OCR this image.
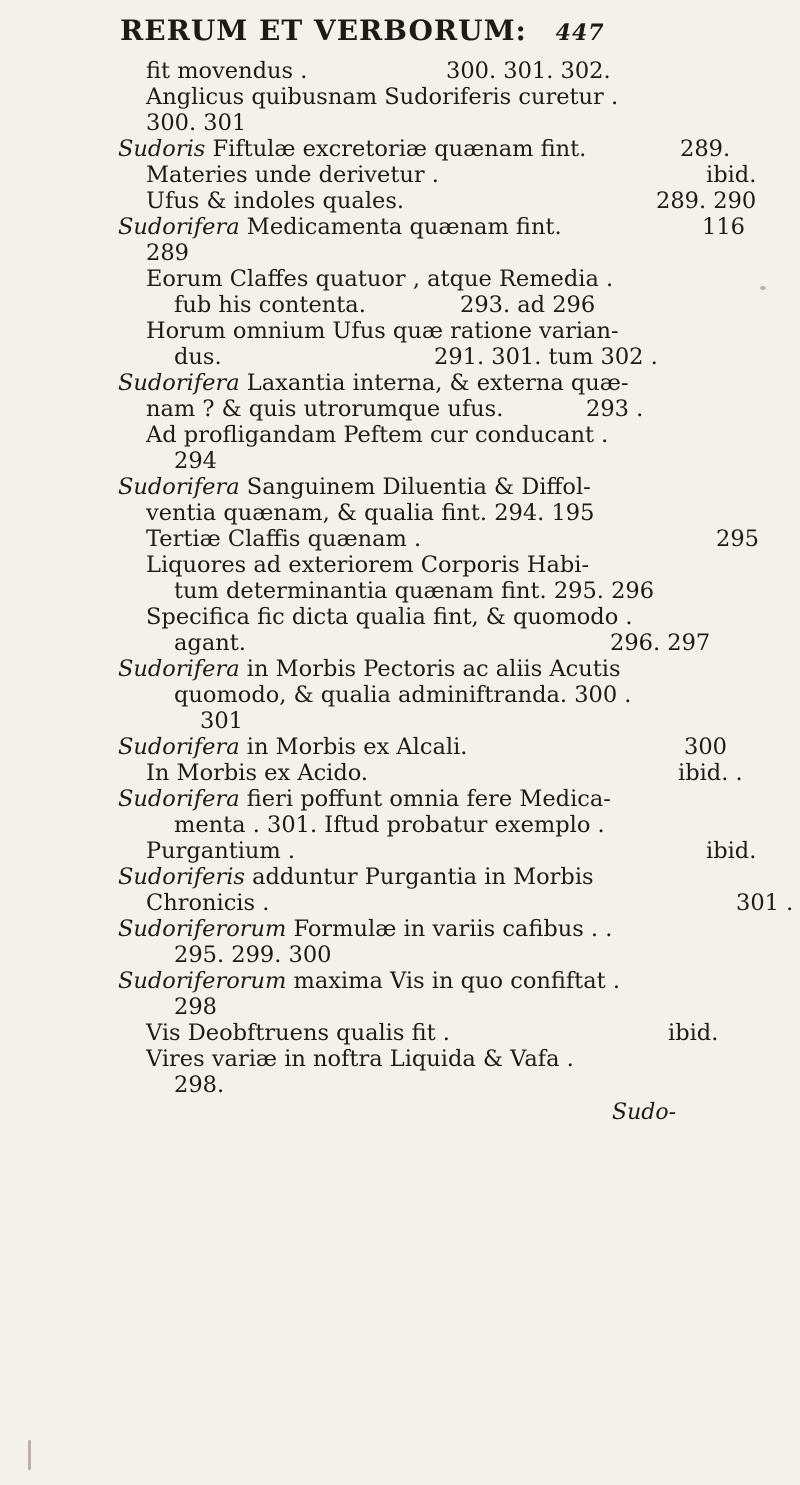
RERUM ET VERBORUM: 447
fit movendus .	300. 301. 302.
Anglicus quibusnam Sudoriferis curetur .
300. 301
Sudoris Fiftulæ excretoriæ quænam fint.	289.
Materies unde derivetur .	ibid.
Ufus & indoles quales.	289. 290
Sudorifera Medicamenta quænam fint.	116
289
Eorum Claffes quatuor , atque Remedia .
fub his contenta.	293. ad 296
Horum omnium Ufus quæ ratione varian-
dus.	291. 301. tum 302 .
Sudorifera Laxantia interna, & externa quæ-
nam ? & quis utrorumque ufus.	293 .
Ad profligandam Peftem cur conducant .
294
Sudorifera Sanguinem Diluentia & Diffol-
ventia quænam, & qualia fint. 294. 195
Tertiæ Claffis quænam .	295
Liquores ad exteriorem Corporis Habi-
tum determinantia quænam fint. 295. 296
Specifica fic dicta qualia fint, & quomodo .
agant.	296. 297
Sudorifera in Morbis Pectoris ac aliis Acutis
quomodo, & qualia adminiftranda. 300 .
301
Sudorifera in Morbis ex Alcali.	300
In Morbis ex Acido.	ibid. .
Sudorifera fieri poffunt omnia fere Medica-
menta . 301. Iftud probatur exemplo .
Purgantium .	ibid.
Sudoriferis adduntur Purgantia in Morbis
Chronicis .	301 .
Sudoriferorum Formulæ in variis cafibus . .
295. 299. 300
Sudoriferorum maxima Vis in quo confiftat .
298
Vis Deobftruens qualis fit .	ibid.
Vires variæ in noftra Liquida & Vafa .
298.
Sudo-
